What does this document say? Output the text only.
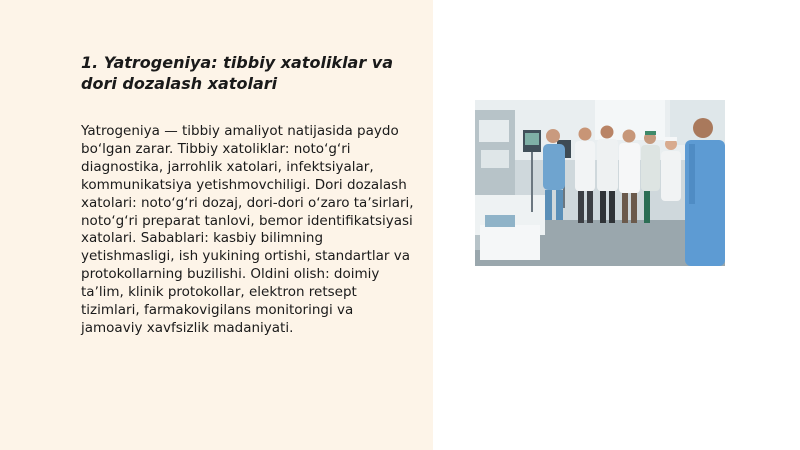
1. Yatrogeniya: tibbiy xatoliklar va dori dozalash xatolari

Yatrogeniya — tibbiy amaliyot natijasida paydo boʻlgan zarar. Tibbiy xatoliklar: notoʻgʻri diagnostika, jarrohlik xatolari, infektsiyalar, kommunikatsiya yetishmovchiligi. Dori dozalash xatolari: notoʻgʻri dozaj, dori-dori oʻzaro taʼsirlari, notoʻgʻri preparat tanlovi, bemor identifikatsiyasi xatolari. Sabablari: kasbiy bilimning yetishmasligi, ish yukining ortishi, standartlar va protokollarning buzilishi. Oldini olish: doimiy taʼlim, klinik protokollar, elektron retsept tizimlari, farmakovigilans monitoringi va jamoaviy xavfsizlik madaniyati.
